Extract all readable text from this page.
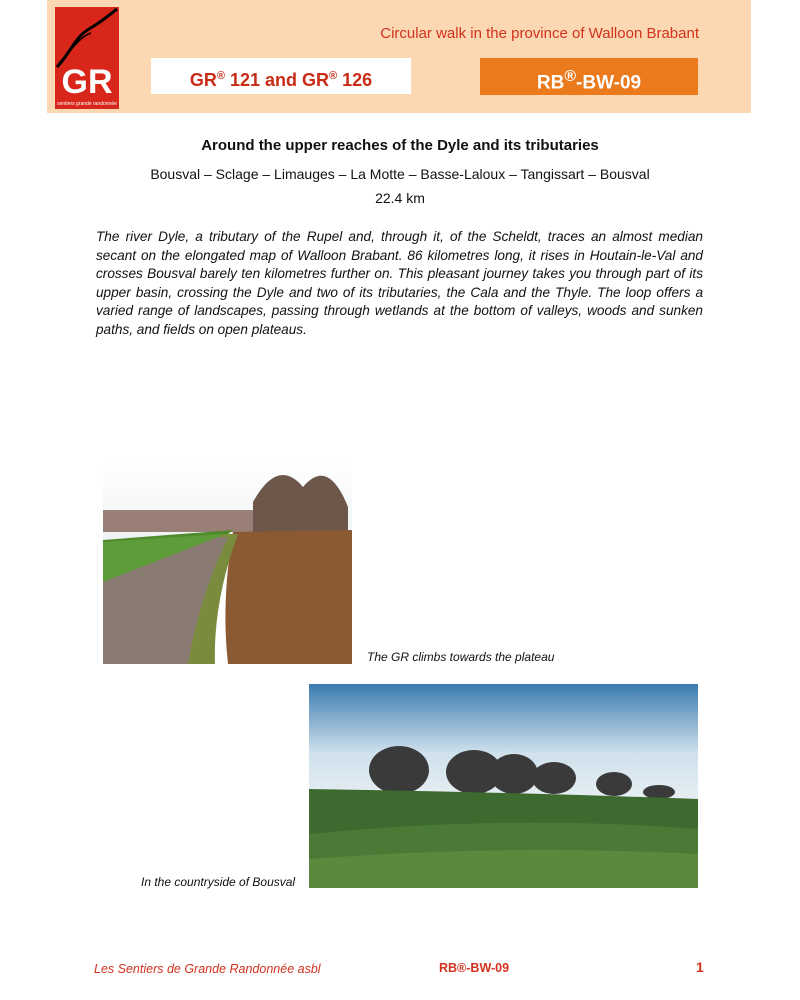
GR
sentiers grande randonnée
Circular walk in the province of Walloon Brabant
GR® 121 and GR® 126	RB®-BW-09
Around the upper reaches of the Dyle and its tributaries
Bousval – Sclage – Limauges – La Motte – Basse-Laloux – Tangissart – Bousval
22.4 km

The river Dyle, a tributary of the Rupel and, through it, of the Scheldt, traces an almost median secant on the elongated map of Walloon Brabant. 86 kilometres long, it rises in Houtain-le-Val and crosses Bousval barely ten kilometres further on. This pleasant journey takes you through part of its upper basin, crossing the Dyle and two of its tributaries, the Cala and the Thyle. The loop offers a varied range of landscapes, passing through wetlands at the bottom of valleys, woods and sunken paths, and fields on open plateaus.

The GR climbs towards the plateau
In the countryside of Bousval
Les Sentiers de Grande Randonnée asbl	RB®-BW-09	1
